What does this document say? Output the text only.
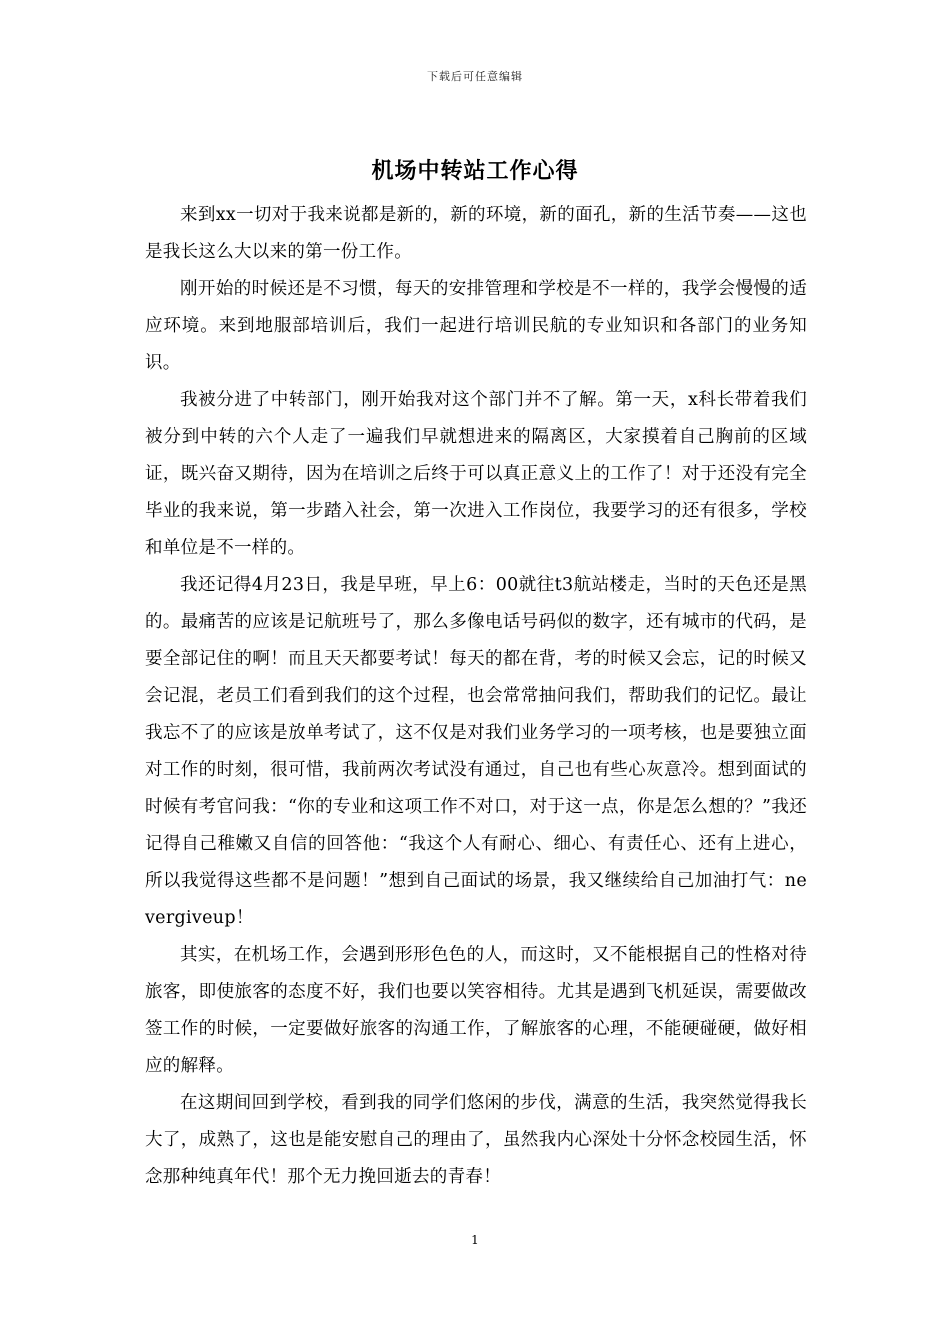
下载后可任意编辑
机场中转站工作心得

来到xx一切对于我来说都是新的，新的环境，新的面孔，新的生活节奏——这也是我长这么大以来的第一份工作。

刚开始的时候还是不习惯，每天的安排管理和学校是不一样的，我学会慢慢的适应环境。来到地服部培训后，我们一起进行培训民航的专业知识和各部门的业务知识。

我被分进了中转部门，刚开始我对这个部门并不了解。第一天，x科长带着我们被分到中转的六个人走了一遍我们早就想进来的隔离区，大家摸着自己胸前的区域证，既兴奋又期待，因为在培训之后终于可以真正意义上的工作了！对于还没有完全毕业的我来说，第一步踏入社会，第一次进入工作岗位，我要学习的还有很多，学校和单位是不一样的。

我还记得4月23日，我是早班，早上6：00就往t3航站楼走，当时的天色还是黑的。最痛苦的应该是记航班号了，那么多像电话号码似的数字，还有城市的代码，是要全部记住的啊！而且天天都要考试！每天的都在背，考的时候又会忘，记的时候又会记混，老员工们看到我们的这个过程，也会常常抽问我们，帮助我们的记忆。最让我忘不了的应该是放单考试了，这不仅是对我们业务学习的一项考核，也是要独立面对工作的时刻，很可惜，我前两次考试没有通过，自己也有些心灰意冷。想到面试的时候有考官问我：“你的专业和这项工作不对口，对于这一点，你是怎么想的？”我还记得自己稚嫩又自信的回答他：“我这个人有耐心、细心、有责任心、还有上进心，所以我觉得这些都不是问题！”想到自己面试的场景，我又继续给自己加油打气：nevergiveup！

其实，在机场工作，会遇到形形色色的人，而这时，又不能根据自己的性格对待旅客，即使旅客的态度不好，我们也要以笑容相待。尤其是遇到飞机延误，需要做改签工作的时候，一定要做好旅客的沟通工作，了解旅客的心理，不能硬碰硬，做好相应的解释。

在这期间回到学校，看到我的同学们悠闲的步伐，满意的生活，我突然觉得我长大了，成熟了，这也是能安慰自己的理由了，虽然我内心深处十分怀念校园生活，怀念那种纯真年代！那个无力挽回逝去的青春！

1
